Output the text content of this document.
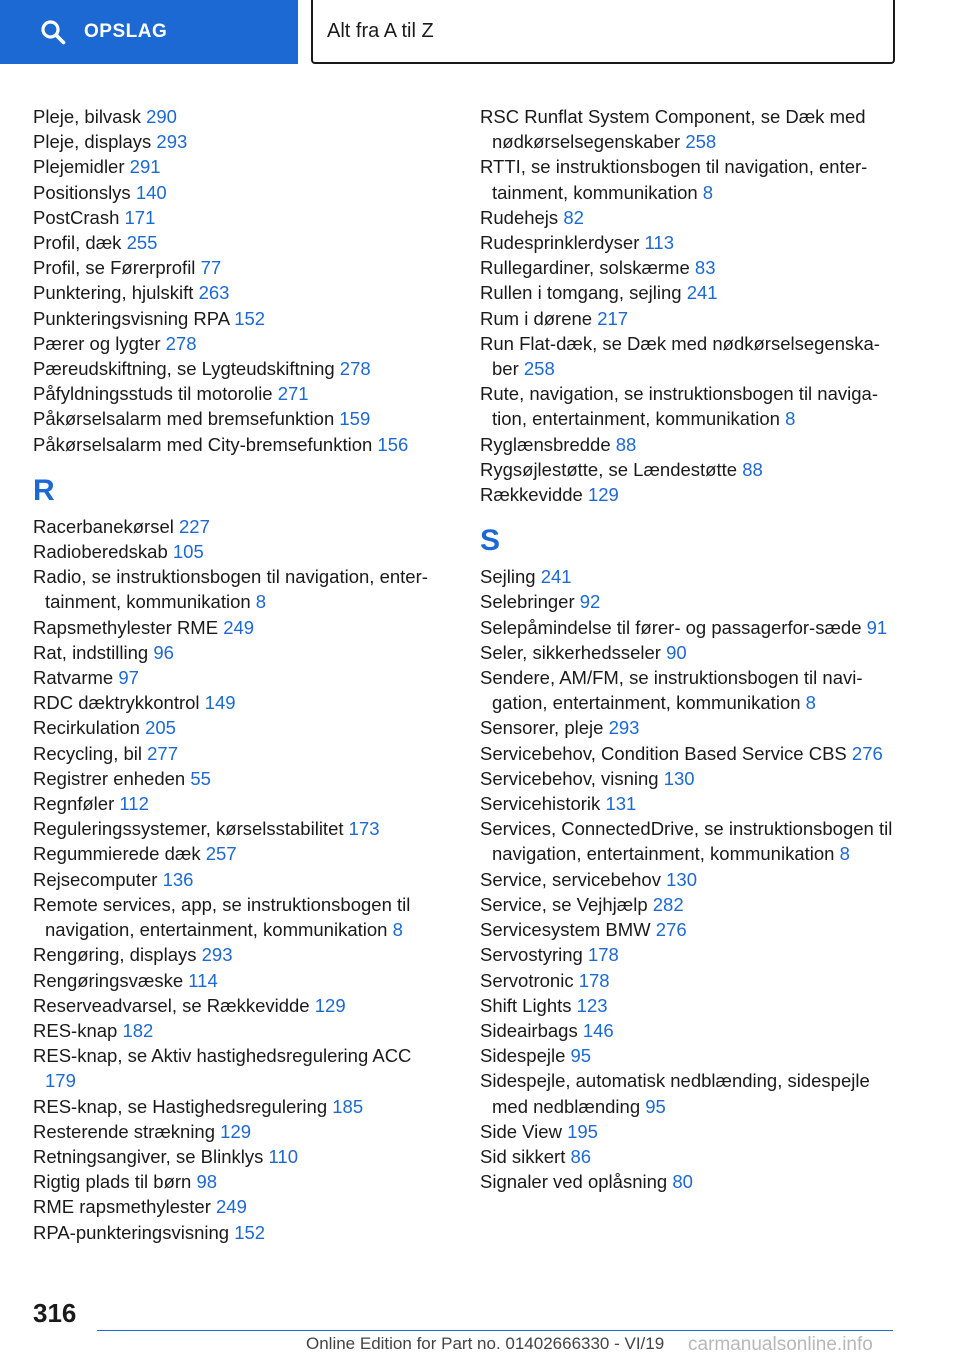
OPSLAG	Alt fra A til Z
Pleje, bilvask 290
Pleje, displays 293
Plejemidler 291
Positionslys 140
PostCrash 171
Profil, dæk 255
Profil, se Førerprofil 77
Punktering, hjulskift 263
Punkteringsvisning RPA 152
Pærer og lygter 278
Pæreudskiftning, se Lygteudskiftning 278
Påfyldningsstuds til motorolie 271
Påkørselsalarm med bremsefunktion 159
Påkørselsalarm med City-bremsefunktion 156
R
Racerbanekørsel 227
Radioberedskab 105
Radio, se instruktionsbogen til navigation, enter-tainment, kommunikation 8
Rapsmethylester RME 249
Rat, indstilling 96
Ratvarme 97
RDC dæktrykkontrol 149
Recirkulation 205
Recycling, bil 277
Registrer enheden 55
Regnføler 112
Reguleringssystemer, kørselsstabilitet 173
Regummierede dæk 257
Rejsecomputer 136
Remote services, app, se instruktionsbogen til navigation, entertainment, kommunikation 8
Rengøring, displays 293
Rengøringsvæske 114
Reserveadvarsel, se Rækkevidde 129
RES-knap 182
RES-knap, se Aktiv hastighedsregulering ACC 179
RES-knap, se Hastighedsregulering 185
Resterende strækning 129
Retningsangiver, se Blinklys 110
Rigtig plads til børn 98
RME rapsmethylester 249
RPA-punkteringsvisning 152
RSC Runflat System Component, se Dæk med nødkørselsegenskaber 258
RTTI, se instruktionsbogen til navigation, enter-tainment, kommunikation 8
Rudehejs 82
Rudesprinklerdyser 113
Rullegardiner, solskærme 83
Rullen i tomgang, sejling 241
Rum i dørene 217
Run Flat-dæk, se Dæk med nødkørselsegenska-ber 258
Rute, navigation, se instruktionsbogen til naviga-tion, entertainment, kommunikation 8
Ryglænsbredde 88
Rygsøjlestøtte, se Lændestøtte 88
Rækkevidde 129
S
Sejling 241
Selebringer 92
Selepåmindelse til fører- og passagerfor-sæde 91
Seler, sikkerhedsseler 90
Sendere, AM/FM, se instruktionsbogen til navi-gation, entertainment, kommunikation 8
Sensorer, pleje 293
Servicebehov, Condition Based Service CBS 276
Servicebehov, visning 130
Servicehistorik 131
Services, ConnectedDrive, se instruktionsbogen til navigation, entertainment, kommunikation 8
Service, servicebehov 130
Service, se Vejhjælp 282
Servicesystem BMW 276
Servostyring 178
Servotronic 178
Shift Lights 123
Sideairbags 146
Sidespejle 95
Sidespejle, automatisk nedblænding, sidespejle med nedblænding 95
Side View 195
Sid sikkert 86
Signaler ved oplåsning 80
316
Online Edition for Part no. 01402666330 - VI/19 carmanualsonline.info
